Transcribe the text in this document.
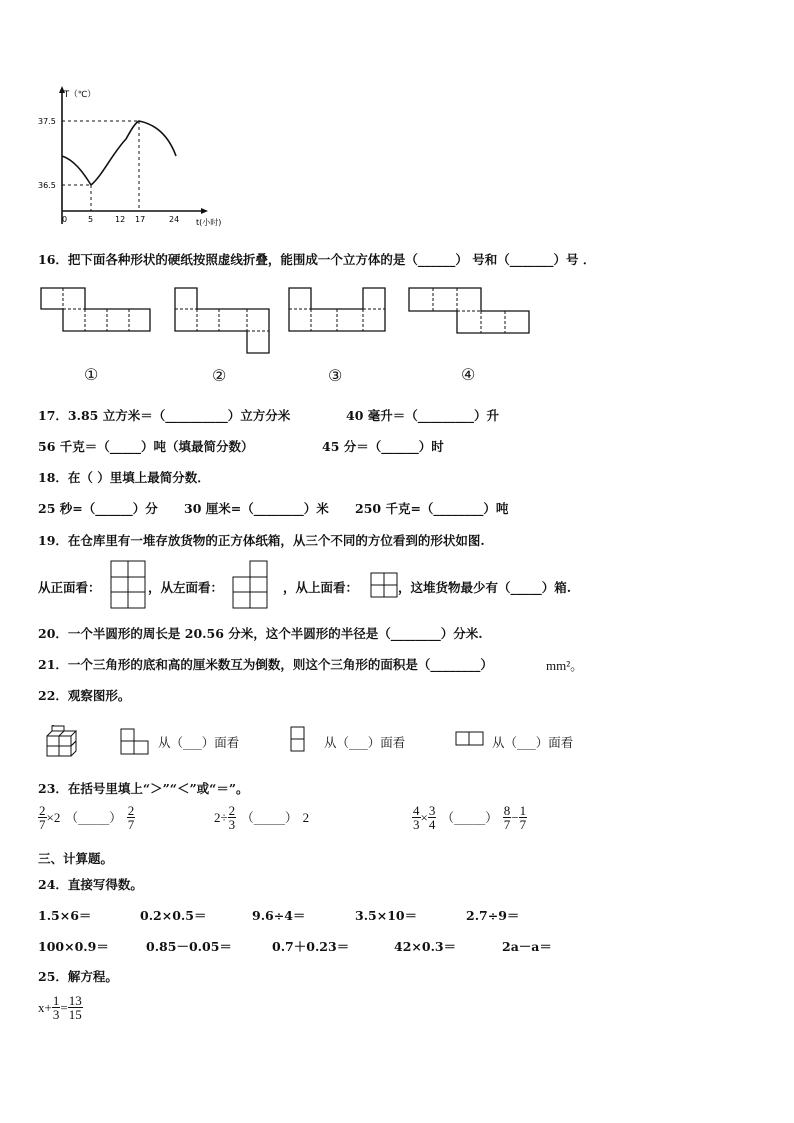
T（℃）
t(小时)
37.5
36.5
0	5	12 17	24
16．把下面各种形状的硬纸按照虚线折叠，能围成一个立方体的是（______） 号和（_______）号 ．
①	②	③	④
17．3.85 立方米＝（__________）立方分米	40 毫升＝（_________）升
56 千克＝（_____）吨（填最简分数）	45 分＝（______）时
18．在（ ）里填上最简分数．
25 秒=（______）分 30 厘米=（________）米 250 千克=（________）吨
19．在仓库里有一堆存放货物的正方体纸箱，从三个不同的方位看到的形状如图.
从正面看：	，从左面看：	，从上面看：	，这堆货物最少有（_____）箱.
20．一个半圆形的周长是 20.56 分米，这个半圆形的半径是（________）分米.
21．一个三角形的底和高的厘米数互为倒数，则这个三角形的面积是（________）	mm²。
22．观察图形。
从（___）面看	从（___）面看	从（___）面看
23．在括号里填上“＞”“＜”或“＝”。
$\frac{2}{7} \times 2$ （_____） $\frac{2}{7}$	$2\div \frac{2}{3}$ （_____） 2	$\frac{4}{3} \times \frac{3}{4}$ （_____） $\frac{8}{7} - \frac{1}{7}$
三、计算题。
24．直接写得数。
1.5×6＝	0.2×0.5＝	9.6÷4＝	3.5×10＝	2.7÷9＝
100×0.9＝	0.85－0.05＝	0.7＋0.23＝	42×0.3＝	2a－a＝
25．解方程。
$x+ \frac{1}{3} = \frac{13}{15}$
